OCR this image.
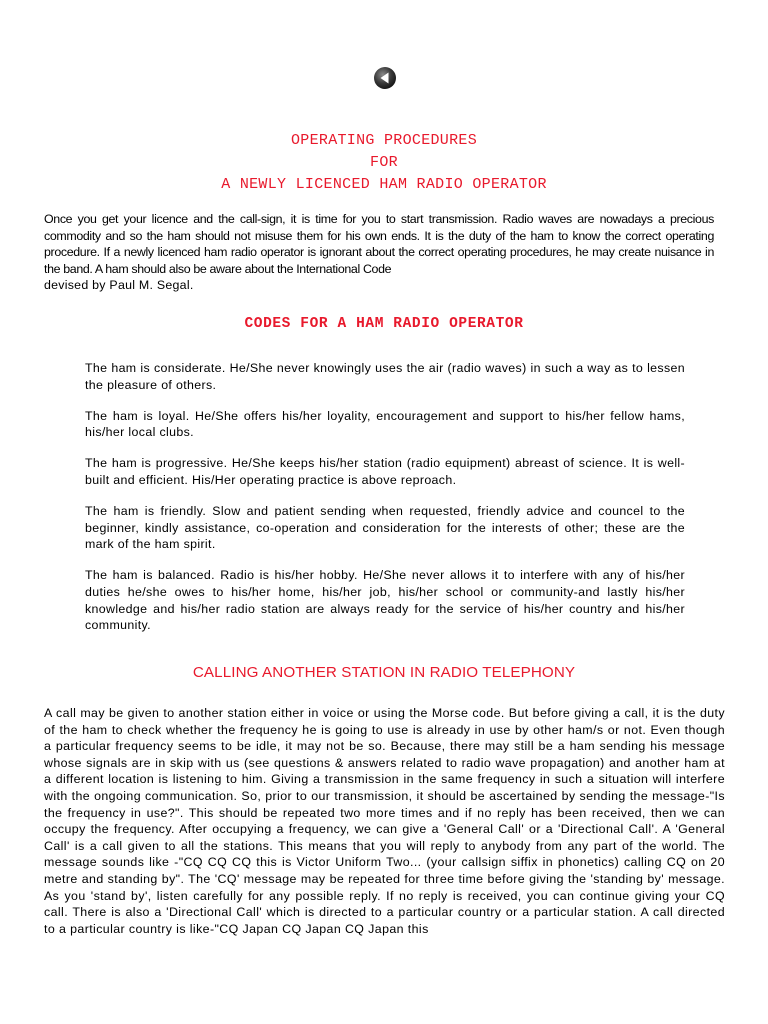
OPERATING PROCEDURES
FOR
A NEWLY LICENCED HAM RADIO OPERATOR
Once you get your licence and the call-sign, it is time for you to start transmission. Radio waves are nowadays a precious commodity and so the ham should not misuse them for his own ends. It is the duty of the ham to know the correct operating procedure. If a newly licenced ham radio operator is ignorant about the correct operating procedures, he may create nuisance in the band. A ham should also be aware about the International Code
devised by Paul M. Segal.
CODES FOR A HAM RADIO OPERATOR

The ham is considerate. He/She never knowingly uses the air (radio waves) in such a way as to lessen the pleasure of others.

The ham is loyal. He/She offers his/her loyality, encouragement and support to his/her fellow hams, his/her local clubs.

The ham is progressive. He/She keeps his/her station (radio equipment) abreast of science. It is well-built and efficient. His/Her operating practice is above reproach.

The ham is friendly. Slow and patient sending when requested, friendly advice and councel to the beginner, kindly assistance, co-operation and consideration for the interests of other; these are the mark of the ham spirit.

The ham is balanced. Radio is his/her hobby. He/She never allows it to interfere with any of his/her duties he/she owes to his/her home, his/her job, his/her school or community-and lastly his/her knowledge and his/her radio station are always ready for the service of his/her country and his/her community.

CALLING ANOTHER STATION IN RADIO TELEPHONY

A call may be given to another station either in voice or using the Morse code. But before giving a call, it is the duty of the ham to check whether the frequency he is going to use is already in use by other ham/s or not. Even though a particular frequency seems to be idle, it may not be so. Because, there may still be a ham sending his message whose signals are in skip with us (see questions & answers related to radio wave propagation) and another ham at a different location is listening to him. Giving a transmission in the same frequency in such a situation will interfere with the ongoing communication. So, prior to our transmission, it should be ascertained by sending the message-"Is the frequency in use?". This should be repeated two more times and if no reply has been received, then we can occupy the frequency. After occupying a frequency, we can give a 'General Call' or a 'Directional Call'. A 'General Call' is a call given to all the stations. This means that you will reply to anybody from any part of the world. The message sounds like -"CQ CQ CQ this is Victor Uniform Two... (your callsign siffix in phonetics) calling CQ on 20 metre and standing by". The 'CQ' message may be repeated for three time before giving the 'standing by' message. As you 'stand by', listen carefully for any possible reply. If no reply is received, you can continue giving your CQ call. There is also a 'Directional Call' which is directed to a particular country or a particular station. A call directed to a particular country is like-"CQ Japan CQ Japan CQ Japan this
